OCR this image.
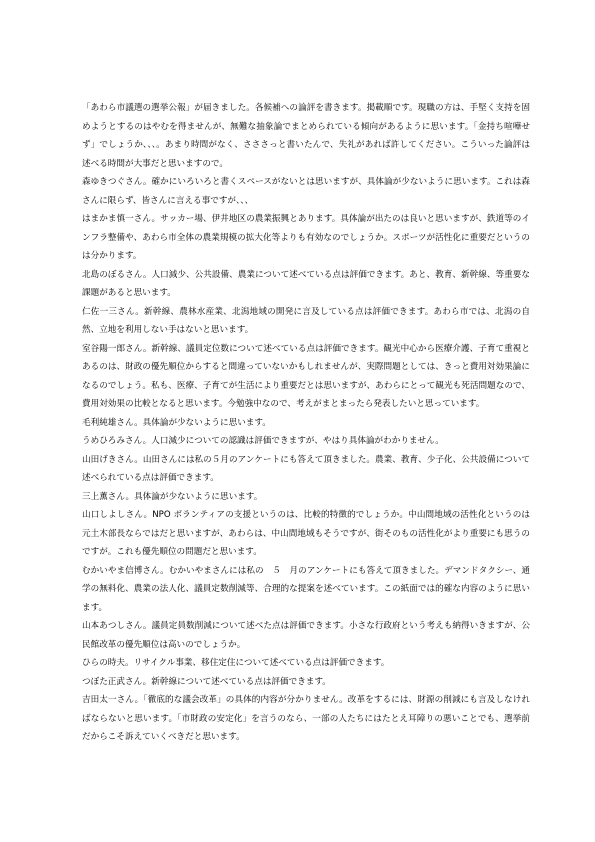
「あわら市議選の選挙公報」が届きました。各候補への論評を書きます。掲載順です。現職の方は、手堅く支持を固めようとするのはやむを得ませんが、無難な抽象論でまとめられている傾向があるように思います。「金持ち喧嘩せず」でしょうか、、、。あまり時間がなく、さささっと書いたんで、失礼があれば許してください。こういった論評は述べる時間が大事だと思いますので。

森ゆきつぐさん。確かにいろいろと書くスペースがないとは思いますが、具体論が少ないように思います。これは森さんに限らず、皆さんに言える事ですが、、、

はまかま慎一さん。サッカー場、伊井地区の農業振興とあります。具体論が出たのは良いと思いますが、鉄道等のインフラ整備や、あわら市全体の農業規模の拡大化等よりも有効なのでしょうか。スポーツが活性化に重要だというのは分かります。

北島のぼるさん。人口減少、公共設備、農業について述べている点は評価できます。あと、教育、新幹線、等重要な課題があると思います。

仁佐一三さん。新幹線、農林水産業、北潟地域の開発に言及している点は評価できます。あわら市では、北潟の自然、立地を利用しない手はないと思います。

室谷陽一郎さん。新幹線、議員定位数について述べている点は評価できます。観光中心から医療介護、子育て重視とあるのは、財政の優先順位からすると間違っていないかもしれませんが、実際問題としては、きっと費用対効果論になるのでしょう。私も、医療、子育てが生活により重要だとは思いますが、あわらにとって観光も死活問題なので、費用対効果の比較となると思います。今勉強中なので、考えがまとまったら発表したいと思っています。

毛利純雄さん。具体論が少ないように思います。

うめひろみさん。人口減少についての認識は評価できますが、やはり具体論がわかりません。

山田げきさん。山田さんには私の５月のアンケートにも答えて頂きました。農業、教育、少子化、公共設備について述べられている点は評価できます。

三上薫さん。具体論が少ないように思います。

山口しよしさん。NPO ボランティアの支援というのは、比較的特徴的でしょうか。中山間地域の活性化というのは元土木部長ならではだと思いますが、あわらは、中山間地域もそうですが、街そのもの活性化がより重要にも思うのですが。これも優先順位の問題だと思います。

むかいやま信博さん。むかいやまさんには私の　５　月のアンケートにも答えて頂きました。デマンドタクシー、通学の無料化、農業の法人化、議員定数削減等、合理的な提案を述べています。この紙面では的確な内容のように思います。

山本あつしさん。議員定員数削減について述べた点は評価できます。小さな行政府という考えも納得いきますが、公民館改革の優先順位は高いのでしょうか。

ひらの時夫。リサイクル事業、移住定住について述べている点は評価できます。

つぼた正武さん。新幹線について述べている点は評価できます。

吉田太一さん。「徹底的な議会改革」の具体的内容が分かりません。改革をするには、財源の削減にも言及しなければならないと思います。「市財政の安定化」を言うのなら、一部の人たちにはたとえ耳障りの悪いことでも、選挙前だからこそ訴えていくべきだと思います。
